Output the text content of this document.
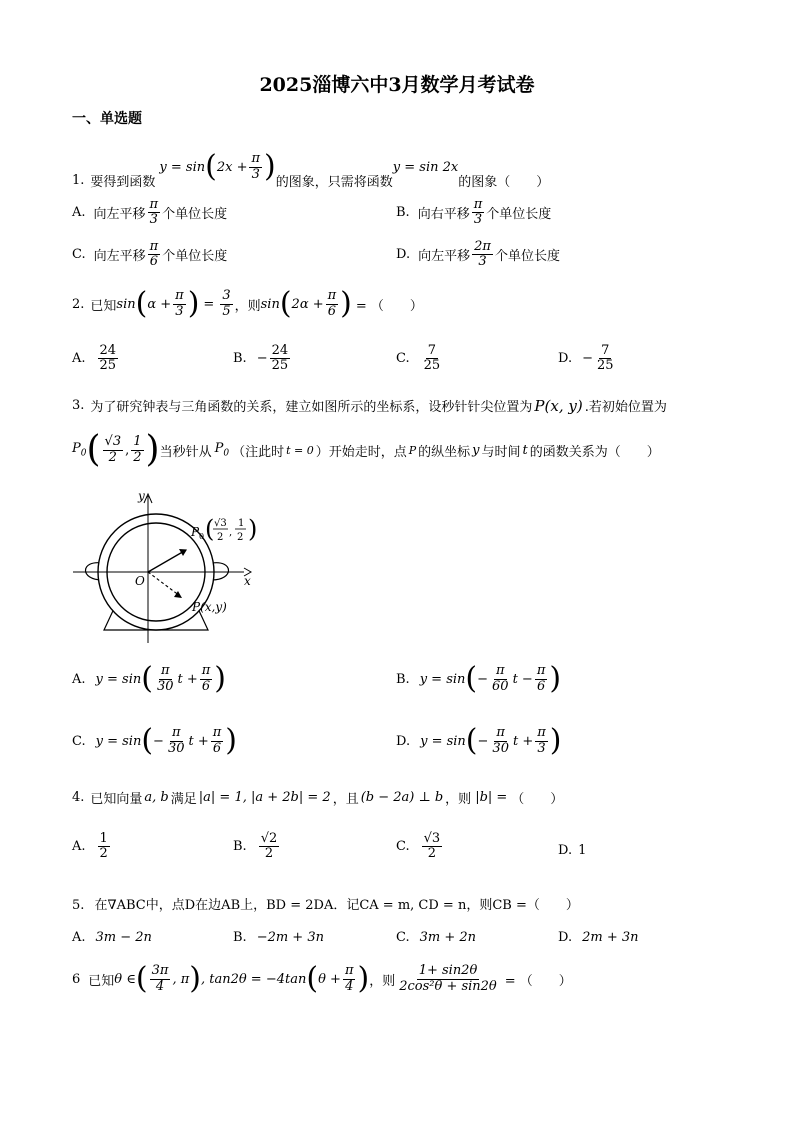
2025淄博六中3月数学月考试卷
一、单选题
1. 要得到函数
y = sin ( $2x + \frac{\pi}{3}$ ) 的图象，只需将函数
y = sin 2x
的图象（　　）
A. 向左平移 $\frac{\pi}{3}$ 个单位长度	B. 向右平移 $\frac{\pi}{3}$ 个单位长度
C. 向左平移 $\frac{\pi}{6}$ 个单位长度	D. 向左平移 $\frac{2\pi}{3}$ 个单位长度
2. 已知 sin ( $\alpha + \frac{\pi}{3}$ ) = $\frac{3}{5}$ ，则 sin ( $2\alpha + \frac{\pi}{6}$ ) = （　　）
A. $\frac{24}{25}$	B. − $\frac{24}{25}$	C. $\frac{7}{25}$	D. − $\frac{7}{25}$
3. 为了研究钟表与三角函数的关系，建立如图所示的坐标系，设秒针针尖位置为 P(x, y) .若初始位置为
$P_0$ ( $\frac{√3}{2}$ , $\frac{1}{2}$ ) 当秒针从 $P_0$ （注此时 t = 0 ）开始走时，点 P 的纵坐标 y 与时间 t 的函数关系为（　　）
y
x
O
P 0 ( √3
2 ,
1
2 )
P(x,y)
A. y = sin ( $\frac{\pi}{30}$ $t + \frac{\pi}{6}$ )	B. y = sin ( − $\frac{\pi}{60}$ $t - \frac{\pi}{6}$ )
C. y = sin ( − $\frac{\pi}{30}$ $t + \frac{\pi}{6}$ )	D. y = sin ( − $\frac{\pi}{30}$ $t + \frac{\pi}{3}$ )
4. 已知向量 a, b 满足 |a| = 1, |a + 2b| = 2 ，且 (b − 2a) ⊥ b ，则 |b| = （　　）
A. $\frac{1}{2}$	B. $\frac{√2}{2}$	C. $\frac{√3}{2}$	D. 1
5. 在∇ABC中，点D在边AB上，BD = 2DA．记CA = m, CD = n，则CB =（　　）
A. 3m − 2n	B. −2m + 3n	C. 3m + 2n	D. 2m + 3n
6 已知 θ ∈ ( $\frac{3\pi}{4}$ , π ) , tan2θ = −4tan ( $\theta + \frac{\pi}{4}$ ) ，则 $\frac{1+ \sin 2\theta}{\text{2cos²θ + sin2θ}}$ = （　　）
